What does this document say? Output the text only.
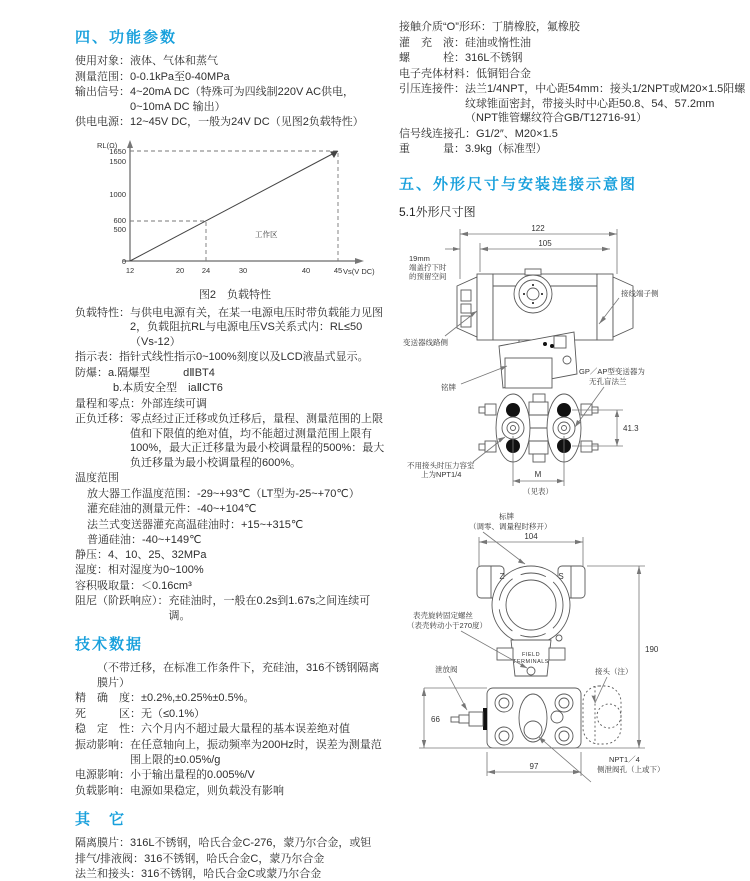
四、功能参数
使用对象： 液体、气体和蒸气
测量范围： 0-0.1kPa至0-40MPa
输出信号： 4~20mA DC（特殊可为四线制220V AC供电，0~10mA DC 输出）
供电电源： 12~45V DC，一般为24V DC（见图2负载特性）
RL(Ω)
Vs(V DC)
1650
1500
1000
600
500
0
12	20 24	30	40	45
工作区
图2　负载特性
负载特性： 与供电电源有关，在某一电源电压时带负载能力见图2，负载阻抗RL与电源电压VS关系式内：RL≤50（Vs-12）
指示表： 指针式线性指示0~100%刻度以及LCD液晶式显示。
防爆： a.隔爆型　　　dⅡBT4
b.本质安全型　iaⅡCT6
量程和零点： 外部连续可调
正负迁移： 零点经过正迁移或负迁移后，量程、测量范围的上限值和下限值的绝对值，均不能超过测量范围上限有100%，最大正迁移量为最小校调量程的500%：最大负迁移量为最小校调量程的600%。
温度范围
放大器工作温度范围：-29~+93℃（LT型为-25~+70℃）
灌充硅油的测量元件：-40~+104℃
法兰式变送器灌充高温硅油时：+15~+315℃
普通硅油：-40~+149℃
静压： 4、10、25、32MPa
湿度： 相对湿度为0~100%
容积吸取量： ＜0.16cm³
阻尼（阶跃响应）： 充硅油时，一般在0.2s到1.67s之间连续可调。
技术数据
（不带迁移，在标准工作条件下，充硅油，316不锈钢隔离膜片）
精　确　度： ±0.2%,±0.25%±0.5%。
死　　　区： 无（≤0.1%）
稳　定　性： 六个月内不超过最大量程的基本误差绝对值
振动影响： 在任意轴向上，振动频率为200Hz时，误差为测量范围上限的±0.05%/g
电源影响： 小于输出量程的0.005%/V
负载影响： 电源如果稳定，则负载没有影响
其　它
隔离膜片： 316L不锈钢，哈氏合金C-276，蒙乃尔合金，或钽
排气/排液阀： 316不锈钢，哈氏合金C，蒙乃尔合金
法兰和接头： 316不锈钢，哈氏合金C或蒙乃尔合金
接触介质“O”形环： 丁腈橡胶，氟橡胶
灌　充　液： 硅油或惰性油
螺　　　栓： 316L不锈钢
电子壳体材料： 低铜铝合金
引压连接件： 法兰1/4NPT，中心距54mm：接头1/2NPT或M20×1.5阳螺纹球锥面密封，带接头时中心距50.8、54、57.2mm（NPT锥管螺纹符合GB/T12716-91）
信号线连接孔： G1/2″、M20×1.5
重　　　量： 3.9kg（标准型）
五、外形尺寸与安装连接示意图
5.1外形尺寸图
122
105
19mm
端盖拧下时
的预留空间
接线端子侧
变送器线路侧
铭牌
GP／AP型变送器为
无孔盲法兰
41.3
不用接头时压力容室
上为NPT1/4	M
（见表）
标牌
（调零、调量程时移开）
104
Z	S
FIELD
TERMINALS
表壳旋转固定螺丝
（表壳转动小于270度）
泄放阀	接头（注）
190
66
97
NPT1／4
侧泄阀孔（上或下）
